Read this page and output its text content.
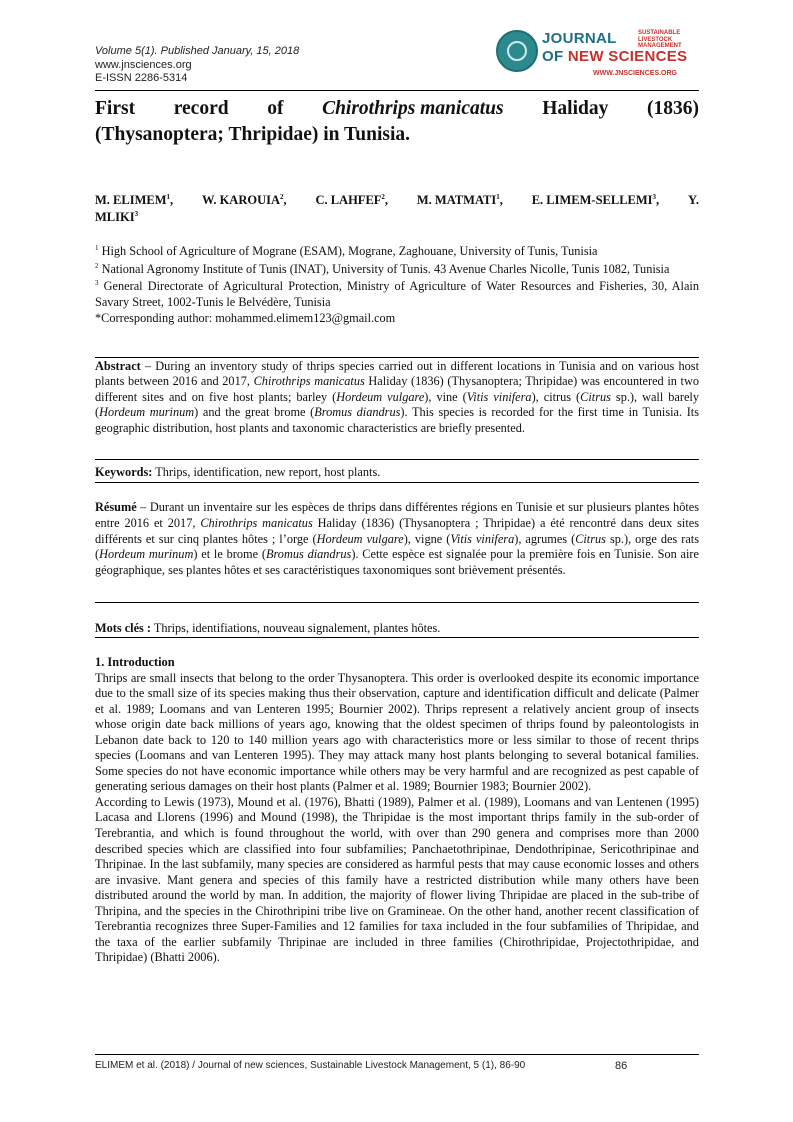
Volume 5(1). Published January, 15, 2018
www.jnsciences.org
E-ISSN 2286-5314
JOURNAL
OF NEW SCIENCES
SUSTAINABLE
LIVESTOCK
MANAGEMENT
WWW.JNSCIENCES.ORG
First record of Chirothrips manicatus Haliday (1836)
(Thysanoptera; Thripidae) in Tunisia.
M. ELIMEM$^1$, W. KAROUIA$^2$, C. LAHFEF$^2$, M. MATMATI$^1$, E. LIMEM-SELLEMI$^3$, Y.
MLIKI$^3$

$^1$ High School of Agriculture of Mograne (ESAM), Mograne, Zaghouane, University of Tunis, Tunisia

$^2$ National Agronomy Institute of Tunis (INAT), University of Tunis. 43 Avenue Charles Nicolle, Tunis 1082, Tunisia

$^3$ General Directorate of Agricultural Protection, Ministry of Agriculture of Water Resources and Fisheries, 30, Alain Savary Street, 1002-Tunis le Belvédère, Tunisia

*Corresponding author: mohammed.elimem123@gmail.com

Abstract – During an inventory study of thrips species carried out in different locations in Tunisia and on various host plants between 2016 and 2017, Chirothrips manicatus Haliday (1836) (Thysanoptera; Thripidae) was encountered in two different sites and on five host plants; barley (Hordeum vulgare), vine (Vitis vinifera), citrus (Citrus sp.), wall barely (Hordeum murinum) and the great brome (Bromus diandrus). This species is recorded for the first time in Tunisia. Its geographic distribution, host plants and taxonomic characteristics are briefly presented.
Keywords: Thrips, identification, new report, host plants.
Résumé – Durant un inventaire sur les espèces de thrips dans différentes régions en Tunisie et sur plusieurs plantes hôtes entre 2016 et 2017, Chirothrips manicatus Haliday (1836) (Thysanoptera ; Thripidae) a été rencontré dans deux sites différents et sur cinq plantes hôtes ; l’orge (Hordeum vulgare), vigne (Vitis vinifera), agrumes (Citrus sp.), orge des rats (Hordeum murinum) et le brome (Bromus diandrus). Cette espèce est signalée pour la première fois en Tunisie. Son aire géographique, ses plantes hôtes et ses caractéristiques taxonomiques sont brièvement présentés.
Mots clés : Thrips, identifiations, nouveau signalement, plantes hôtes.

1. Introduction

Thrips are small insects that belong to the order Thysanoptera. This order is overlooked despite its economic importance due to the small size of its species making thus their observation, capture and identification difficult and delicate (Palmer et al. 1989; Loomans and van Lenteren 1995; Bournier 2002). Thrips represent a relatively ancient group of insects whose origin date back millions of years ago, knowing that the oldest specimen of thrips found by paleontologists in Lebanon date back to 120 to 140 million years ago with characteristics more or less similar to those of recent thrips species (Loomans and van Lenteren 1995). They may attack many host plants belonging to several botanical families. Some species do not have economic importance while others may be very harmful and are recognized as pest capable of generating serious damages on their host plants (Palmer et al. 1989; Bournier 1983; Bournier 2002).

According to Lewis (1973), Mound et al. (1976), Bhatti (1989), Palmer et al. (1989), Loomans and van Lentenen (1995) Lacasa and Llorens (1996) and Mound (1998), the Thripidae is the most important thrips family in the sub-order of Terebrantia, and which is found throughout the world, with over than 290 genera and comprises more than 2000 described species which are classified into four subfamilies; Panchaetothripinae, Dendothripinae, Sericothripinae and Thripinae. In the last subfamily, many species are considered as harmful pests that may cause economic losses and others are invasive. Mant genera and species of this family have a restricted distribution while many others have been distributed around the world by man. In addition, the majority of flower living Thripidae are placed in the sub-tribe of Thripina, and the species in the Chirothripini tribe live on Gramineae. On the other hand, another recent classification of Terebrantia recognizes three Super-Families and 12 families for taxa included in the four subfamilies of Thripidae, and the taxa of the earlier subfamily Thripinae are included in three families (Chirothripidae, Projectothripidae, and Thripidae) (Bhatti 2006).

ELIMEM et al. (2018) / Journal of new sciences, Sustainable Livestock Management, 5 (1), 86-90	86
